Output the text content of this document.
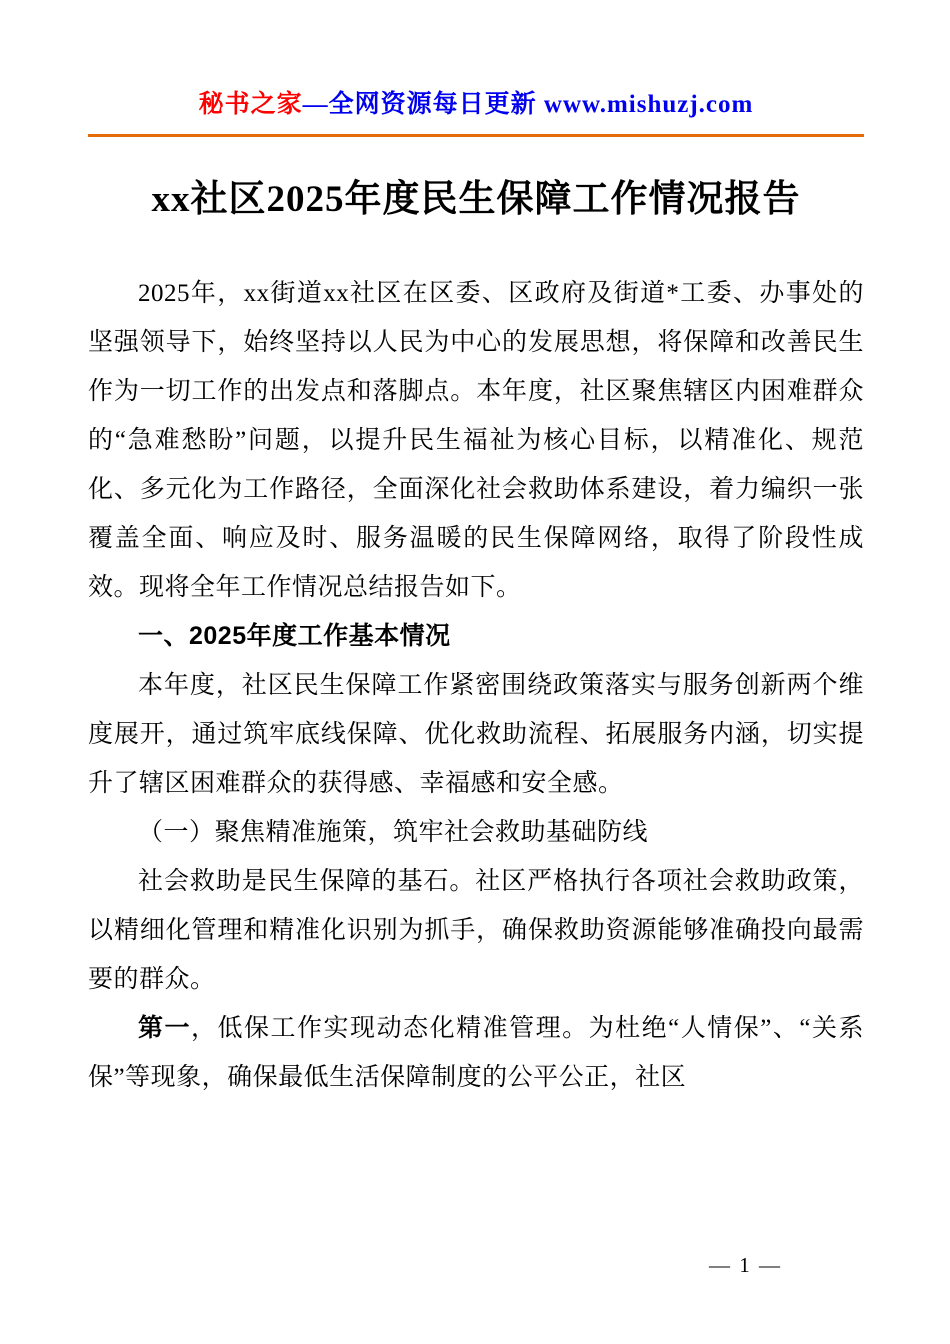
秘书之家—全网资源每日更新 www.mishuzj.com
xx社区2025年度民生保障工作情况报告

2025年，xx街道xx社区在区委、区政府及街道*工委、办事处的坚强领导下，始终坚持以人民为中心的发展思想，将保障和改善民生作为一切工作的出发点和落脚点。本年度，社区聚焦辖区内困难群众的“急难愁盼”问题，以提升民生福祉为核心目标，以精准化、规范化、多元化为工作路径，全面深化社会救助体系建设，着力编织一张覆盖全面、响应及时、服务温暖的民生保障网络，取得了阶段性成效。现将全年工作情况总结报告如下。

一、2025年度工作基本情况

本年度，社区民生保障工作紧密围绕政策落实与服务创新两个维度展开，通过筑牢底线保障、优化救助流程、拓展服务内涵，切实提升了辖区困难群众的获得感、幸福感和安全感。

（一）聚焦精准施策，筑牢社会救助基础防线

社会救助是民生保障的基石。社区严格执行各项社会救助政策，以精细化管理和精准化识别为抓手，确保救助资源能够准确投向最需要的群众。

第一，低保工作实现动态化精准管理。为杜绝“人情保”、“关系保”等现象，确保最低生活保障制度的公平公正，社区

— 1 —
